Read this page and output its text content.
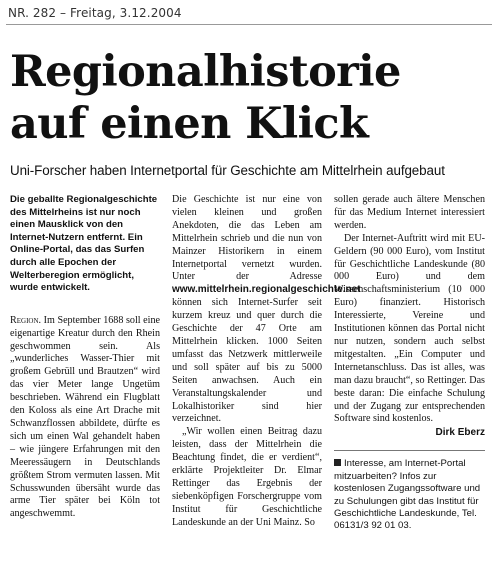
NR. 282 – Freitag, 3.12.2004
Regionalhistorie
auf einen Klick
Uni-Forscher haben Internetportal für Geschichte am Mittelrhein aufgebaut

Die geballte Regionalgeschichte des Mittelrheins ist nur noch einen Mausklick von den Internet-Nutzern entfernt. Ein Online-Portal, das das Surfen durch alle Epochen der Welterberegion ermöglicht, wurde entwickelt.

Region. Im September 1688 soll eine eigenartige Kreatur durch den Rhein geschwommen sein. Als „wunderliches Wasser-Thier mit großem Gebrüll und Brautzen“ wird das vier Meter lange Ungetüm beschrieben. Während ein Flugblatt den Koloss als eine Art Drache mit Schwanzflossen abbildete, dürfte es sich um einen Wal gehandelt haben – wie jüngere Erfahrungen mit den Meeressäugern in Deutschlands größtem Strom vermuten lassen. Mit Schusswunden übersäht wurde das arme Tier später bei Köln tot angeschwemmt.

Die Geschichte ist nur eine von vielen kleinen und großen Anekdoten, die das Leben am Mittelrhein schrieb und die nun von Mainzer Historikern in einem Internetportal vernetzt wurden. Unter der Adresse www.mittelrhein.regionalgeschichte.net können sich Internet-Surfer seit kurzem kreuz und quer durch die Geschichte der 47 Orte am Mittelrhein klicken. 1000 Seiten umfasst das Netzwerk mittlerweile und soll später auf bis zu 5000 Seiten anwachsen. Auch ein Veranstaltungskalender und Lokalhistoriker sind hier verzeichnet.

„Wir wollen einen Beitrag dazu leisten, dass der Mittelrhein die Beachtung findet, die er verdient“, erklärte Projektleiter Dr. Elmar Rettinger das Ergebnis der siebenköpfigen Forschergruppe vom Institut für Geschichtliche Landeskunde an der Uni Mainz. So

sollen gerade auch ältere Menschen für das Medium Internet interessiert werden.

Der Internet-Auftritt wird mit EU-Geldern (90 000 Euro), vom Institut für Geschichtliche Landeskunde (80 000 Euro) und dem Wissenschaftsministerium (10 000 Euro) finanziert. Historisch Interessierte, Vereine und Institutionen können das Portal nicht nur nutzen, sondern auch selbst mitgestalten. „Ein Computer und Internetanschluss. Das ist alles, was man dazu braucht“, so Rettinger. Das beste daran: Die einfache Schulung und der Zugang zur entsprechenden Software sind kostenlos.

Dirk Eberz

Interesse, am Internet-Portal mitzuarbeiten? Infos zur kostenlosen Zugangssoftware und zu Schulungen gibt das Institut für Geschichtliche Landeskunde, Tel. 06131/3 92 01 03.
